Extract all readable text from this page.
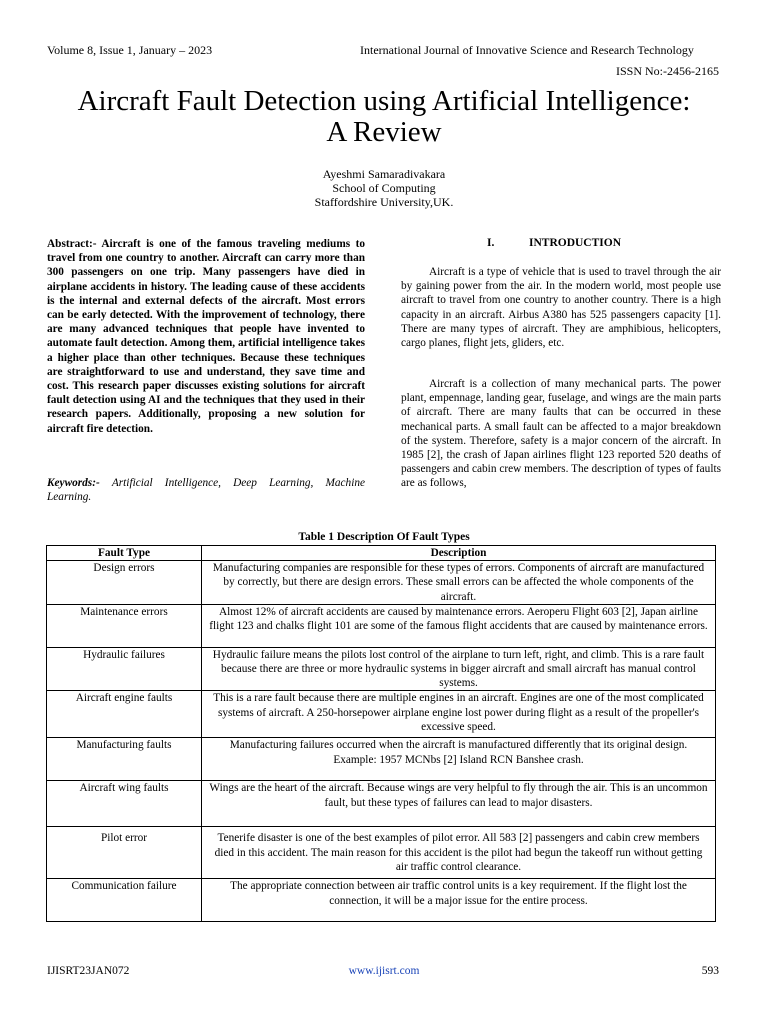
Volume 8, Issue 1, January – 2023	International Journal of Innovative Science and Research Technology
ISSN No:-2456-2165
Aircraft Fault Detection using Artificial Intelligence:
A Review
Ayeshmi Samaradivakara
School of Computing
Staffordshire University,UK.
Abstract:- Aircraft is one of the famous traveling mediums to travel from one country to another. Aircraft can carry more than 300 passengers on one trip. Many passengers have died in airplane accidents in history. The leading cause of these accidents is the internal and external defects of the aircraft. Most errors can be early detected. With the improvement of technology, there are many advanced techniques that people have invented to automate fault detection. Among them, artificial intelligence takes a higher place than other techniques. Because these techniques are straightforward to use and understand, they save time and cost. This research paper discusses existing solutions for aircraft fault detection using AI and the techniques that they used in their research papers. Additionally, proposing a new solution for aircraft fire detection.
Keywords:- Artificial Intelligence, Deep Learning, Machine Learning.
I.	INTRODUCTION
Aircraft is a type of vehicle that is used to travel through the air by gaining power from the air. In the modern world, most people use aircraft to travel from one country to another country. There is a high capacity in an aircraft. Airbus A380 has 525 passengers capacity [1]. There are many types of aircraft. They are amphibious, helicopters, cargo planes, flight jets, gliders, etc.
Aircraft is a collection of many mechanical parts. The power plant, empennage, landing gear, fuselage, and wings are the main parts of aircraft. There are many faults that can be occurred in these mechanical parts. A small fault can be affected to a major breakdown of the system. Therefore, safety is a major concern of the aircraft. In 1985 [2], the crash of Japan airlines flight 123 reported 520 deaths of passengers and cabin crew members. The description of types of faults are as follows,
Table 1 Description Of Fault Types
Fault Type	Description
Design errors	Manufacturing companies are responsible for these types of errors. Components of aircraft are manufactured by correctly, but there are design errors. These small errors can be affected the whole components of the aircraft.
Maintenance errors	Almost 12% of aircraft accidents are caused by maintenance errors. Aeroperu Flight 603 [2], Japan airline flight 123 and chalks flight 101 are some of the famous flight accidents that are caused by maintenance errors.
Hydraulic failures	Hydraulic failure means the pilots lost control of the airplane to turn left, right, and climb. This is a rare fault because there are three or more hydraulic systems in bigger aircraft and small aircraft has manual control systems.
Aircraft engine faults	This is a rare fault because there are multiple engines in an aircraft. Engines are one of the most complicated systems of aircraft. A 250-horsepower airplane engine lost power during flight as a result of the propeller's excessive speed.
Manufacturing faults	Manufacturing failures occurred when the aircraft is manufactured differently that its original design.
Example: 1957 MCNbs [2] Island RCN Banshee crash.

Aircraft wing faults	Wings are the heart of the aircraft. Because wings are very helpful to fly through the air. This is an uncommon fault, but these types of failures can lead to major disasters.
Pilot error	Tenerife disaster is one of the best examples of pilot error. All 583 [2] passengers and cabin crew members died in this accident. The main reason for this accident is the pilot had begun the takeoff run without getting air traffic control clearance.
Communication failure	The appropriate connection between air traffic control units is a key requirement. If the flight lost the connection, it will be a major issue for the entire process.
IJISRT23JAN072	www.ijisrt.com	593
